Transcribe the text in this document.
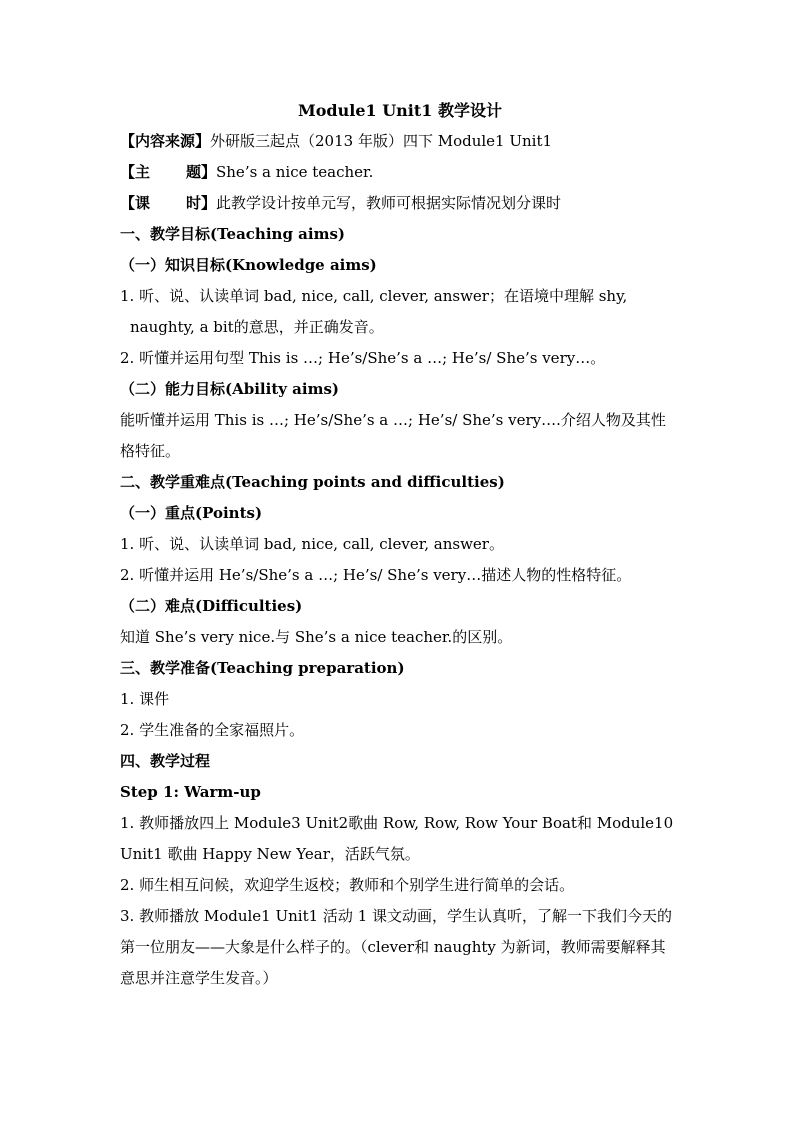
Module1 Unit1 教学设计

【内容来源】外研版三起点（2013 年版）四下 Module1 Unit1

【主 题】 She’s a nice teacher.

【课 时】 此教学设计按单元写，教师可根据实际情况划分课时

一、教学目标(Teaching aims)

（一）知识目标(Knowledge aims)

1. 听、说、认读单词 bad, nice, call, clever, answer；在语境中理解 shy, naughty, a bit的意思，并正确发音。

2. 听懂并运用句型 This is …; He’s/She’s a …; He’s/ She’s very…。

（二）能力目标(Ability aims)

能听懂并运用 This is …; He’s/She’s a …; He’s/ She’s very….介绍人物及其性格特征。

二、教学重难点(Teaching points and difficulties)

（一）重点(Points)

1. 听、说、认读单词 bad, nice, call, clever, answer。

2. 听懂并运用 He’s/She’s a …; He’s/ She’s very…描述人物的性格特征。

（二）难点(Difficulties)

知道 She’s very nice.与 She’s a nice teacher.的区别。

三、教学准备(Teaching preparation)

1. 课件

2. 学生准备的全家福照片。

四、教学过程

Step 1: Warm-up

1. 教师播放四上 Module3 Unit2歌曲 Row, Row, Row Your Boat和 Module10 Unit1 歌曲 Happy New Year，活跃气氛。

2. 师生相互问候，欢迎学生返校；教师和个别学生进行简单的会话。

3. 教师播放 Module1 Unit1 活动 1 课文动画，学生认真听，了解一下我们今天的第一位朋友——大象是什么样子的。（clever和 naughty 为新词，教师需要解释其意思并注意学生发音。）
